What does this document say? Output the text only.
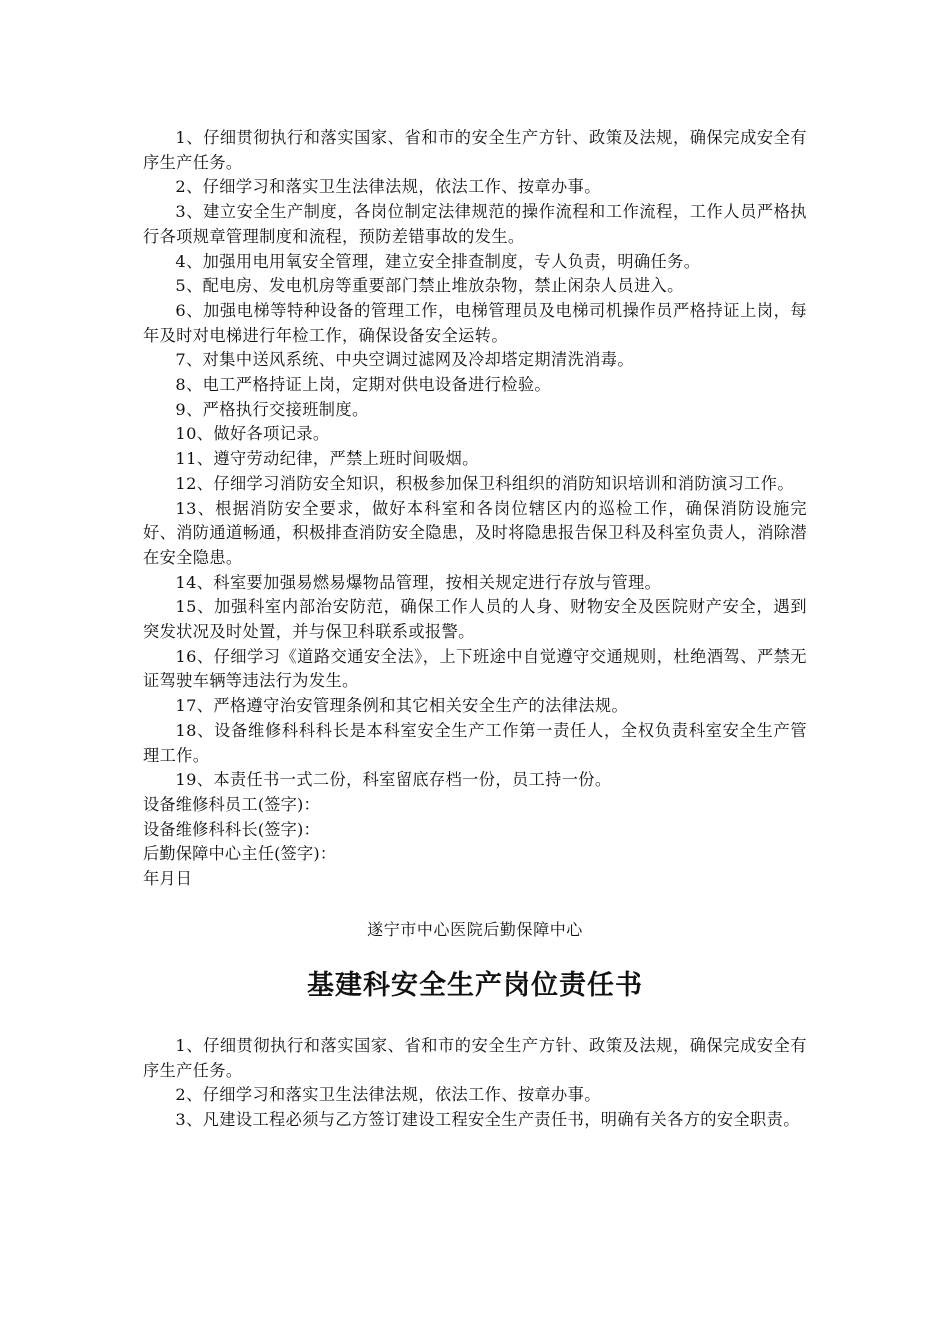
1、仔细贯彻执行和落实国家、省和市的安全生产方针、政策及法规，确保完成安全有序生产任务。

2、仔细学习和落实卫生法律法规，依法工作、按章办事。

3、建立安全生产制度，各岗位制定法律规范的操作流程和工作流程，工作人员严格执行各项规章管理制度和流程，预防差错事故的发生。

4、加强用电用氧安全管理，建立安全排查制度，专人负责，明确任务。

5、配电房、发电机房等重要部门禁止堆放杂物，禁止闲杂人员进入。

6、加强电梯等特种设备的管理工作，电梯管理员及电梯司机操作员严格持证上岗，每年及时对电梯进行年检工作，确保设备安全运转。

7、对集中送风系统、中央空调过滤网及冷却塔定期清洗消毒。

8、电工严格持证上岗，定期对供电设备进行检验。

9、严格执行交接班制度。

10、做好各项记录。

11、遵守劳动纪律，严禁上班时间吸烟。

12、仔细学习消防安全知识，积极参加保卫科组织的消防知识培训和消防演习工作。

13、根据消防安全要求，做好本科室和各岗位辖区内的巡检工作，确保消防设施完好、消防通道畅通，积极排查消防安全隐患，及时将隐患报告保卫科及科室负责人，消除潜在安全隐患。

14、科室要加强易燃易爆物品管理，按相关规定进行存放与管理。

15、加强科室内部治安防范，确保工作人员的人身、财物安全及医院财产安全，遇到突发状况及时处置，并与保卫科联系或报警。

16、仔细学习《道路交通安全法》，上下班途中自觉遵守交通规则，杜绝酒驾、严禁无证驾驶车辆等违法行为发生。

17、严格遵守治安管理条例和其它相关安全生产的法律法规。

18、设备维修科科科长是本科室安全生产工作第一责任人，全权负责科室安全生产管理工作。

19、本责任书一式二份，科室留底存档一份，员工持一份。

设备维修科员工(签字)：

设备维修科科长(签字)：

后勤保障中心主任(签字)：

年月日

遂宁市中心医院后勤保障中心

基建科安全生产岗位责任书

1、仔细贯彻执行和落实国家、省和市的安全生产方针、政策及法规，确保完成安全有序生产任务。

2、仔细学习和落实卫生法律法规，依法工作、按章办事。

3、凡建设工程必须与乙方签订建设工程安全生产责任书，明确有关各方的安全职责。
